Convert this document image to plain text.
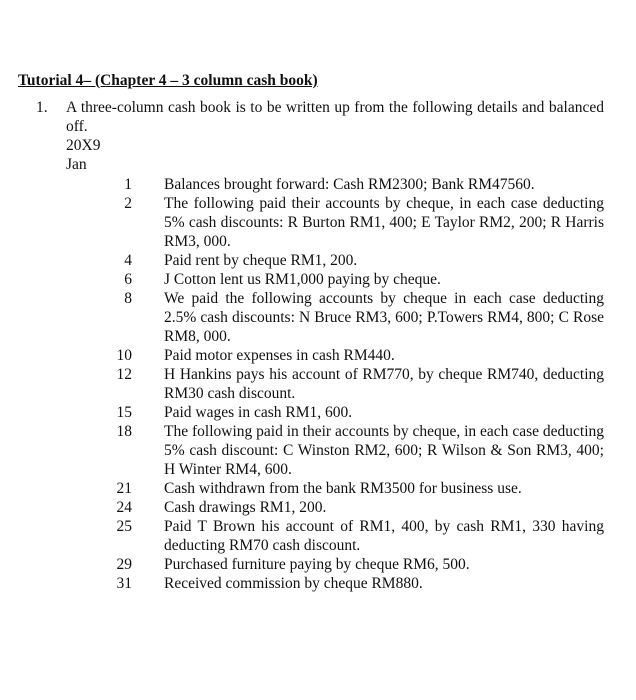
Tutorial 4– (Chapter 4 – 3 column cash book)
1. A three-column cash book is to be written up from the following details and balanced off.
20X9
Jan
1 Balances brought forward: Cash RM2300; Bank RM47560.
2 The following paid their accounts by cheque, in each case deducting 5% cash discounts: R Burton RM1, 400; E Taylor RM2, 200; R Harris RM3, 000.
4 Paid rent by cheque RM1, 200.
6 J Cotton lent us RM1,000 paying by cheque.
8 We paid the following accounts by cheque in each case deducting 2.5% cash discounts: N Bruce RM3, 600; P.Towers RM4, 800; C Rose RM8, 000.
10 Paid motor expenses in cash RM440.
12 H Hankins pays his account of RM770, by cheque RM740, deducting RM30 cash discount.
15 Paid wages in cash RM1, 600.
18 The following paid in their accounts by cheque, in each case deducting 5% cash discount: C Winston RM2, 600; R Wilson & Son RM3, 400; H Winter RM4, 600.
21 Cash withdrawn from the bank RM3500 for business use.
24 Cash drawings RM1, 200.
25 Paid T Brown his account of RM1, 400, by cash RM1, 330 having deducting RM70 cash discount.
29 Purchased furniture paying by cheque RM6, 500.
31 Received commission by cheque RM880.
